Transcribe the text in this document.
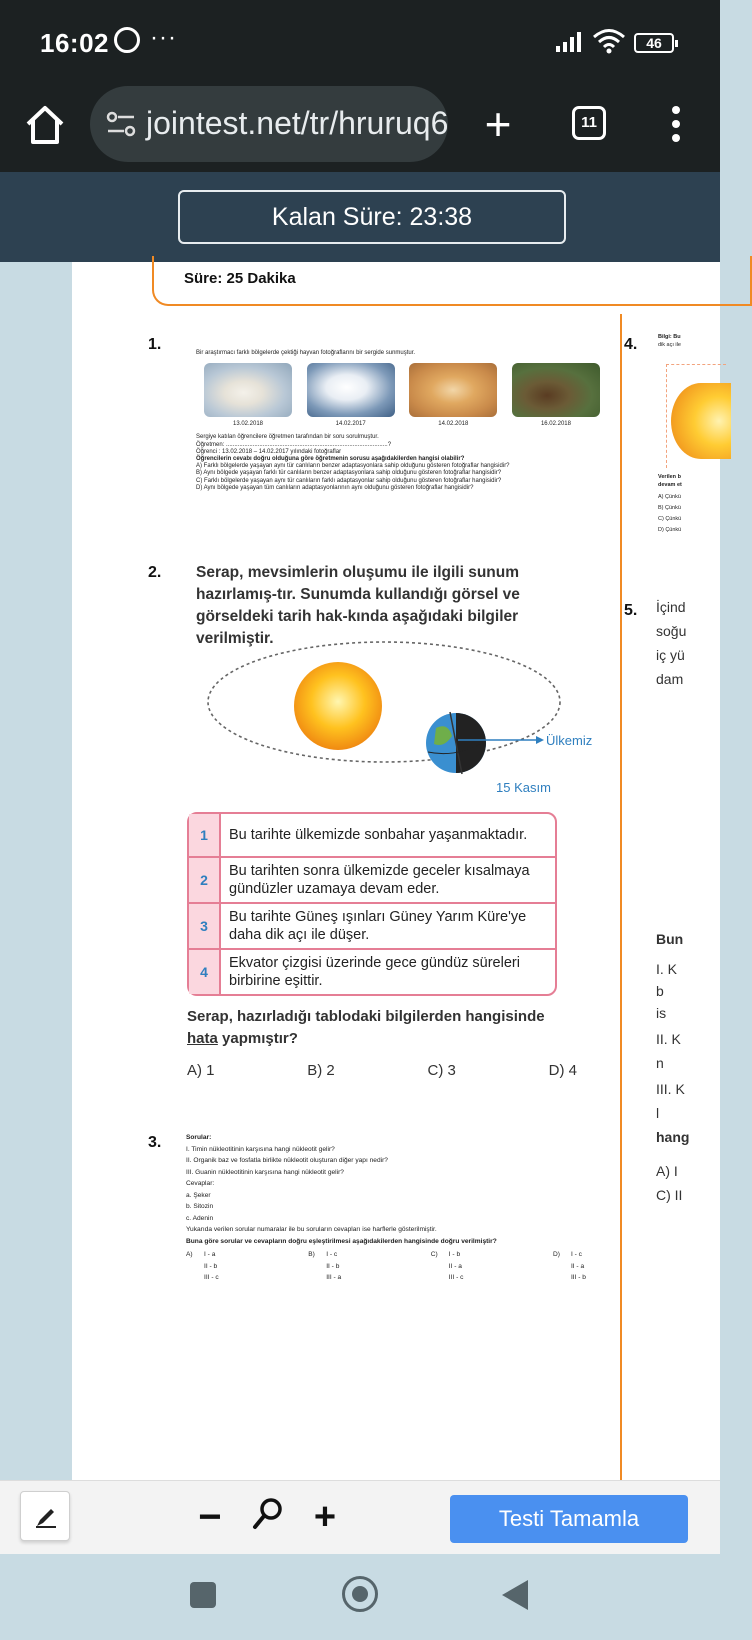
16:02 ···	46
jointest.net/tr/hruruq6 +	11
Kalan Süre: 23:38
Süre: 25 Dakika
1.	Bir araştırmacı farklı bölgelerde çektiği hayvan fotoğraflarını bir sergide sunmuştur.
13.02.2018	14.02.2017	14.02.2018	16.02.2018
Sergiye katılan öğrencilere öğretmen tarafından bir soru sorulmuştur.
Öğretmen: .................................................................................................?
Öğrenci : 13.02.2018 – 14.02.2017 yılındaki fotoğraflar
Öğrencilerin cevabı doğru olduğuna göre öğretmenin sorusu aşağıdakilerden hangisi olabilir?
A) Farklı bölgelerde yaşayan aynı tür canlıların benzer adaptasyonlara sahip olduğunu gösteren fotoğraflar hangisidir?
B) Aynı bölgede yaşayan farklı tür canlıların benzer adaptasyonlara sahip olduğunu gösteren fotoğraflar hangisidir?
C) Farklı bölgelerde yaşayan aynı tür canlıların farklı adaptasyonlar sahip olduğunu gösteren fotoğraflar hangisidir?
D) Aynı bölgede yaşayan tüm canlıların adaptasyonlarının aynı olduğunu gösteren fotoğraflar hangisidir?
2. Serap, mevsimlerin oluşumu ile ilgili sunum hazırlamış-tır. Sunumda kullandığı görsel ve görseldeki tarih hak-kında aşağıdaki bilgiler verilmiştir.
Ülkemiz
15 Kasım
1	Bu tarihte ülkemizde sonbahar yaşanmaktadır.
2
Bu tarihten sonra ülkemizde geceler kısalmaya gündüzler uzamaya devam eder.
3
Bu tarihte Güneş ışınları Güney Yarım Küre'ye daha dik açı ile düşer.
4
Ekvator çizgisi üzerinde gece gündüz süreleri birbirine eşittir.
Serap, hazırladığı tablodaki bilgilerden hangisinde
hata yapmıştır?
A) 1	B) 2	C) 3	D) 4
3.	Sorular:
I. Timin nükleotitinin karşısına hangi nükleotit gelir?
II. Organik baz ve fosfatla birlikte nükleotit oluşturan diğer yapı nedir?
III. Guanin nükleotitinin karşısına hangi nükleotit gelir?
Cevaplar:
a. Şeker
b. Sitozin
c. Adenin
Yukarıda verilen sorular numaralar ile bu soruların cevapları ise harflerle gösterilmiştir.
Buna göre sorular ve cevapların doğru eşleştirilmesi aşağıdakilerden hangisinde doğru verilmiştir?
A)	I - a
II - b
III - c
B)	I - c
II - b
III - a
C)	I - b
II - a
III - c
D)	I - c
II - a
III - b
4.	Bilgi: Bu
dik açı ile
Verilen b
devam et
A) Çünkü
B) Çünkü
C) Çünkü
D) Çünkü
5. İçind
soğu
iç yü
dam
Bun
I. K
b
is
II. K
n
III. K
l
hang
A) I
C) II
− +	Testi Tamamla
